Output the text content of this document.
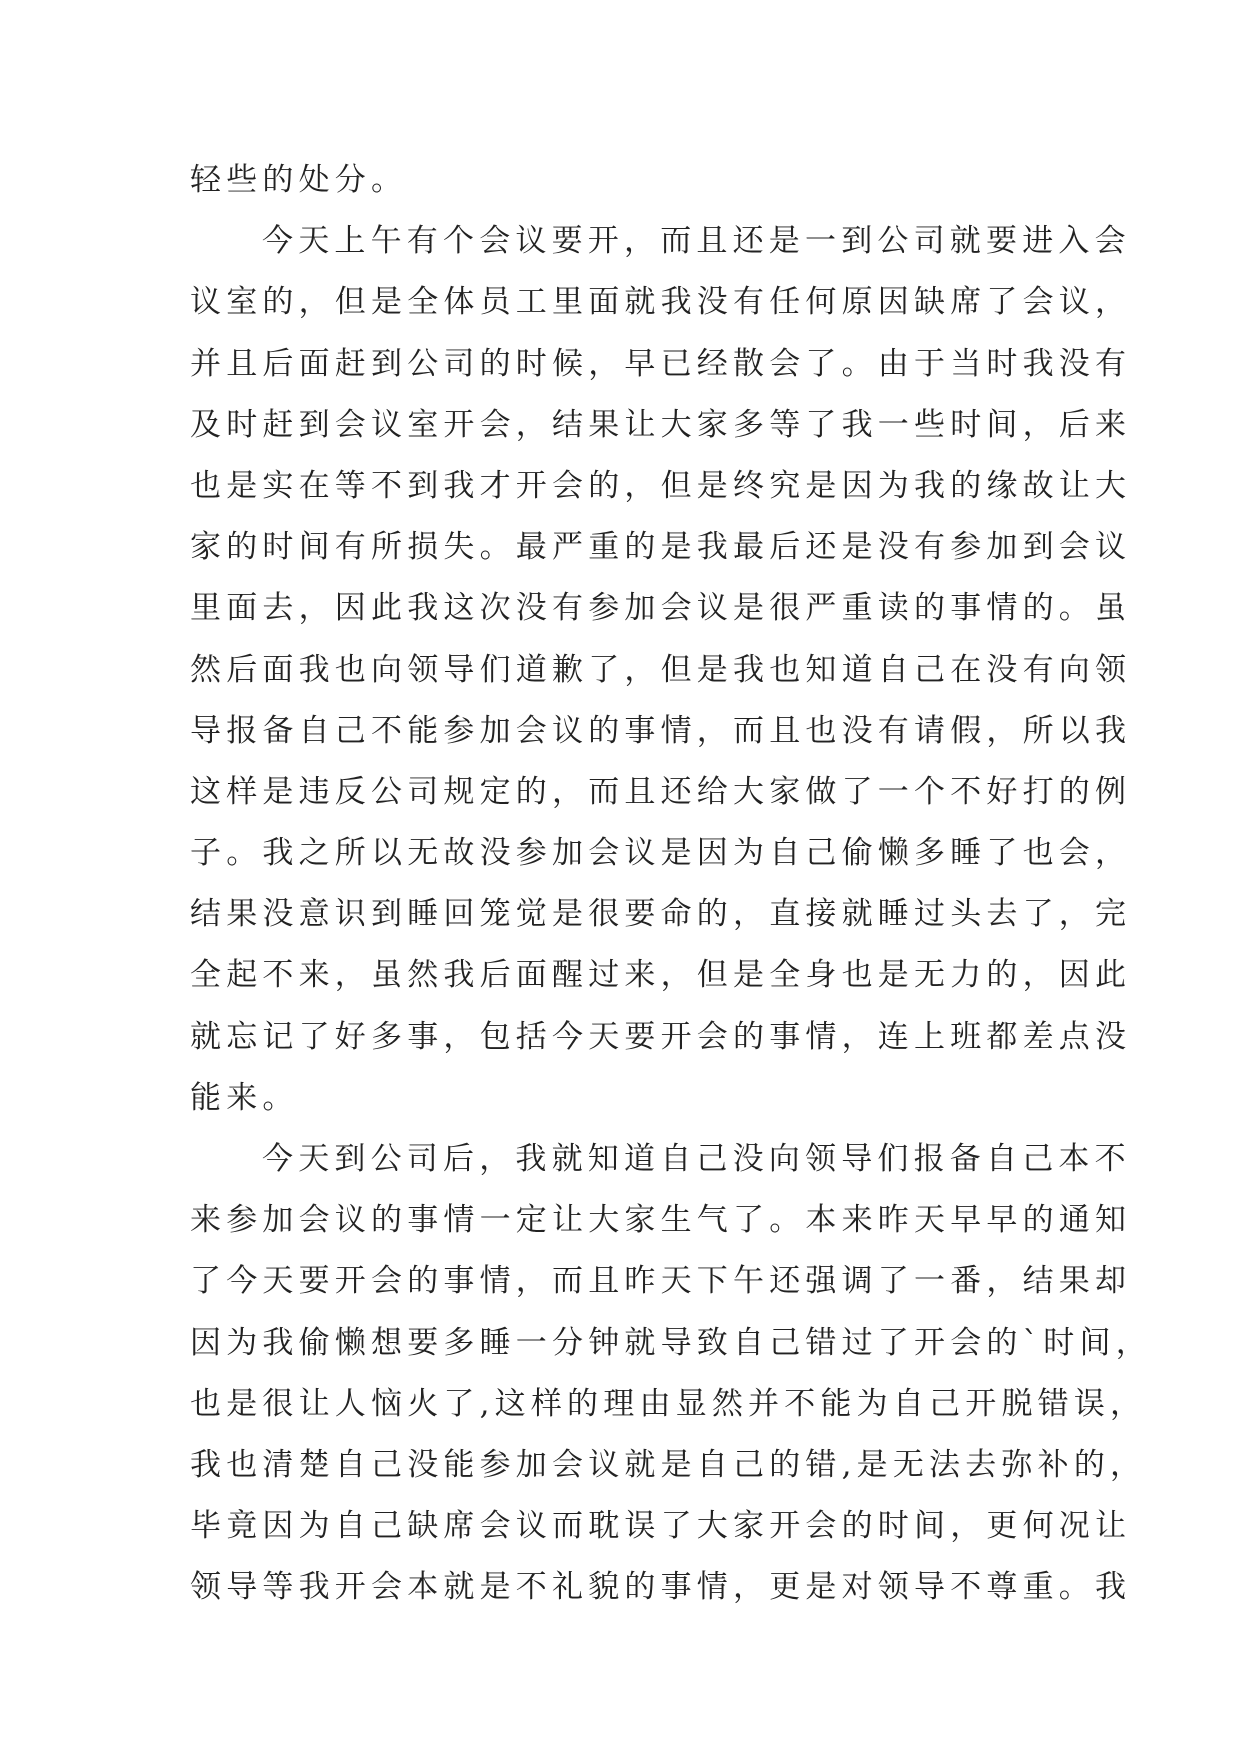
轻些的处分。
今天上午有个会议要开，而且还是一到公司就要进入会
议室的，但是全体员工里面就我没有任何原因缺席了会议，
并且后面赶到公司的时候，早已经散会了。由于当时我没有
及时赶到会议室开会，结果让大家多等了我一些时间，后来
也是实在等不到我才开会的，但是终究是因为我的缘故让大
家的时间有所损失。最严重的是我最后还是没有参加到会议
里面去，因此我这次没有参加会议是很严重读的事情的。虽
然后面我也向领导们道歉了，但是我也知道自己在没有向领
导报备自己不能参加会议的事情，而且也没有请假，所以我
这样是违反公司规定的，而且还给大家做了一个不好打的例
子。我之所以无故没参加会议是因为自己偷懒多睡了也会，
结果没意识到睡回笼觉是很要命的，直接就睡过头去了，完
全起不来，虽然我后面醒过来，但是全身也是无力的，因此
就忘记了好多事，包括今天要开会的事情，连上班都差点没
能来。
今天到公司后，我就知道自己没向领导们报备自己本不
来参加会议的事情一定让大家生气了。本来昨天早早的通知
了今天要开会的事情，而且昨天下午还强调了一番，结果却
因为我偷懒想要多睡一分钟就导致自己错过了开会的`时间，
也是很让人恼火了,这样的理由显然并不能为自己开脱错误，
我也清楚自己没能参加会议就是自己的错,是无法去弥补的，
毕竟因为自己缺席会议而耽误了大家开会的时间，更何况让
领导等我开会本就是不礼貌的事情，更是对领导不尊重。我
